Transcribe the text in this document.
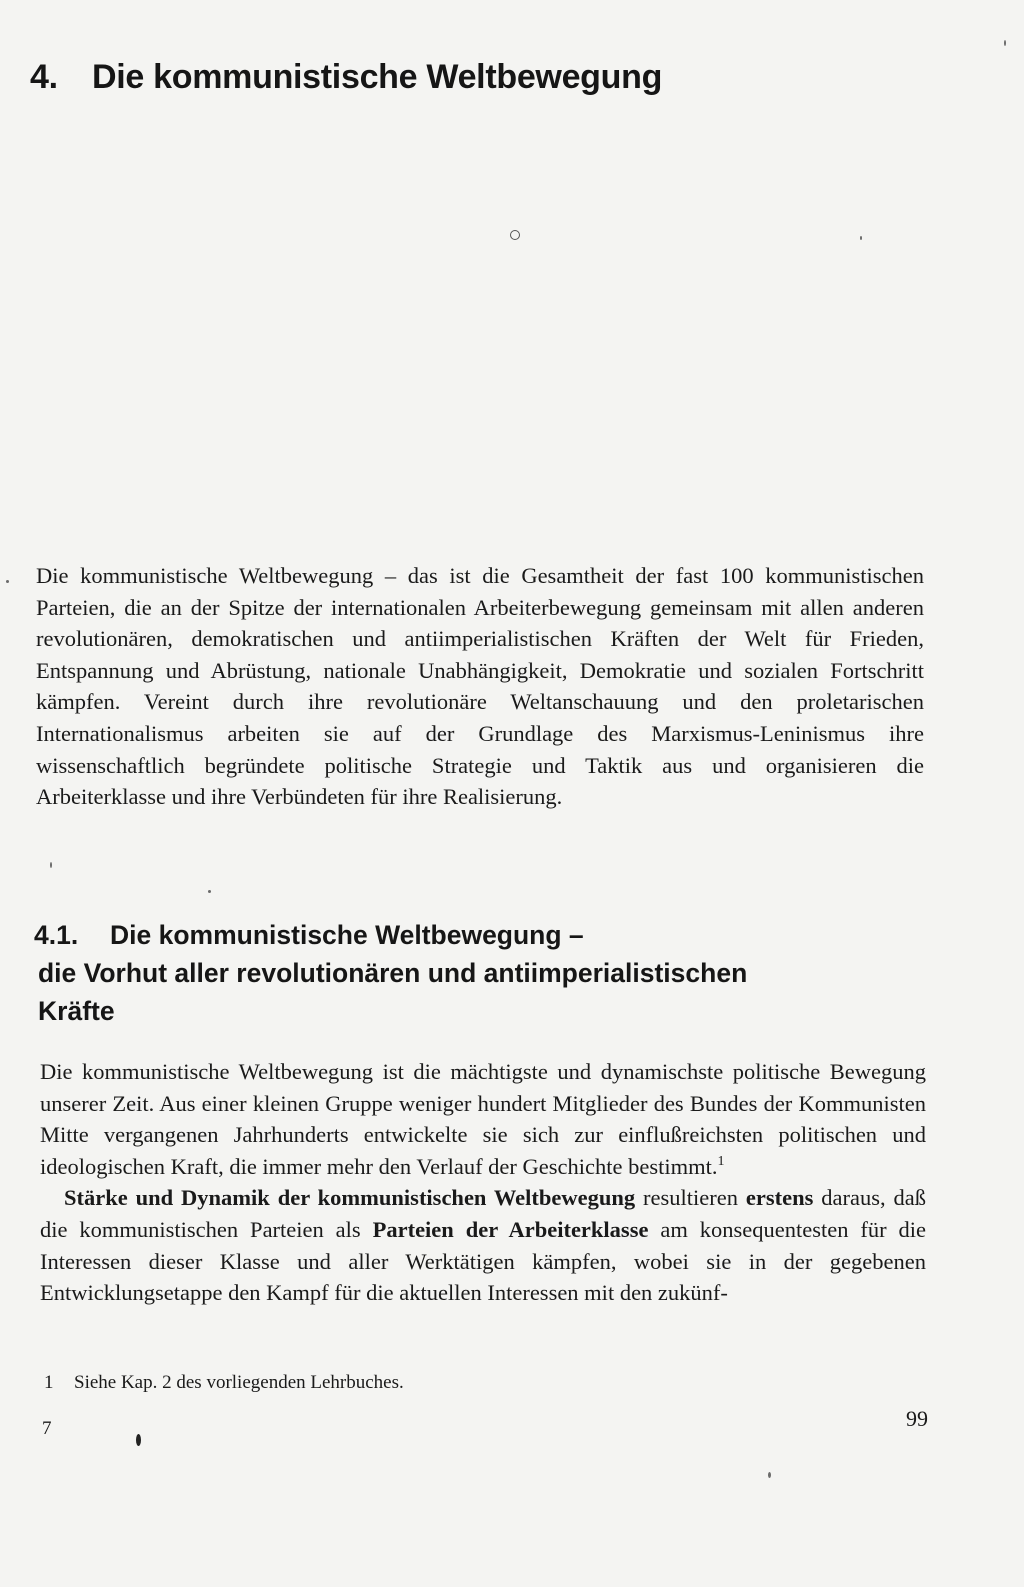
4. Die kommunistische Weltbewegung

Die kommunistische Weltbewegung – das ist die Gesamtheit der fast 100 kommunistischen Parteien, die an der Spitze der internationalen Arbeiterbewegung gemeinsam mit allen anderen revolutionären, demokratischen und antiimperialistischen Kräften der Welt für Frieden, Entspannung und Abrüstung, nationale Unabhängigkeit, Demokratie und sozialen Fortschritt kämpfen. Vereint durch ihre revolutionäre Weltanschauung und den proletarischen Internationalismus arbeiten sie auf der Grundlage des Marxismus-Leninismus ihre wissenschaftlich begründete politische Strategie und Taktik aus und organisieren die Arbeiterklasse und ihre Verbündeten für ihre Realisierung.

4.1. Die kommunistische Weltbewegung –
die Vorhut aller revolutionären und antiimperialistischen
Kräfte

Die kommunistische Weltbewegung ist die mächtigste und dynamischste politische Bewegung unserer Zeit. Aus einer kleinen Gruppe weniger hundert Mitglieder des Bundes der Kommunisten Mitte vergangenen Jahrhunderts entwickelte sie sich zur einflußreichsten politischen und ideologischen Kraft, die immer mehr den Verlauf der Geschichte bestimmt.$^1$

Stärke und Dynamik der kommunistischen Weltbewegung resultieren erstens daraus, daß die kommunistischen Parteien als Parteien der Arbeiterklasse am konsequentesten für die Interessen dieser Klasse und aller Werktätigen kämpfen, wobei sie in der gegebenen Entwicklungsetappe den Kampf für die aktuellen Interessen mit den zukünf-

1 Siehe Kap. 2 des vorliegenden Lehrbuches.

7	99
